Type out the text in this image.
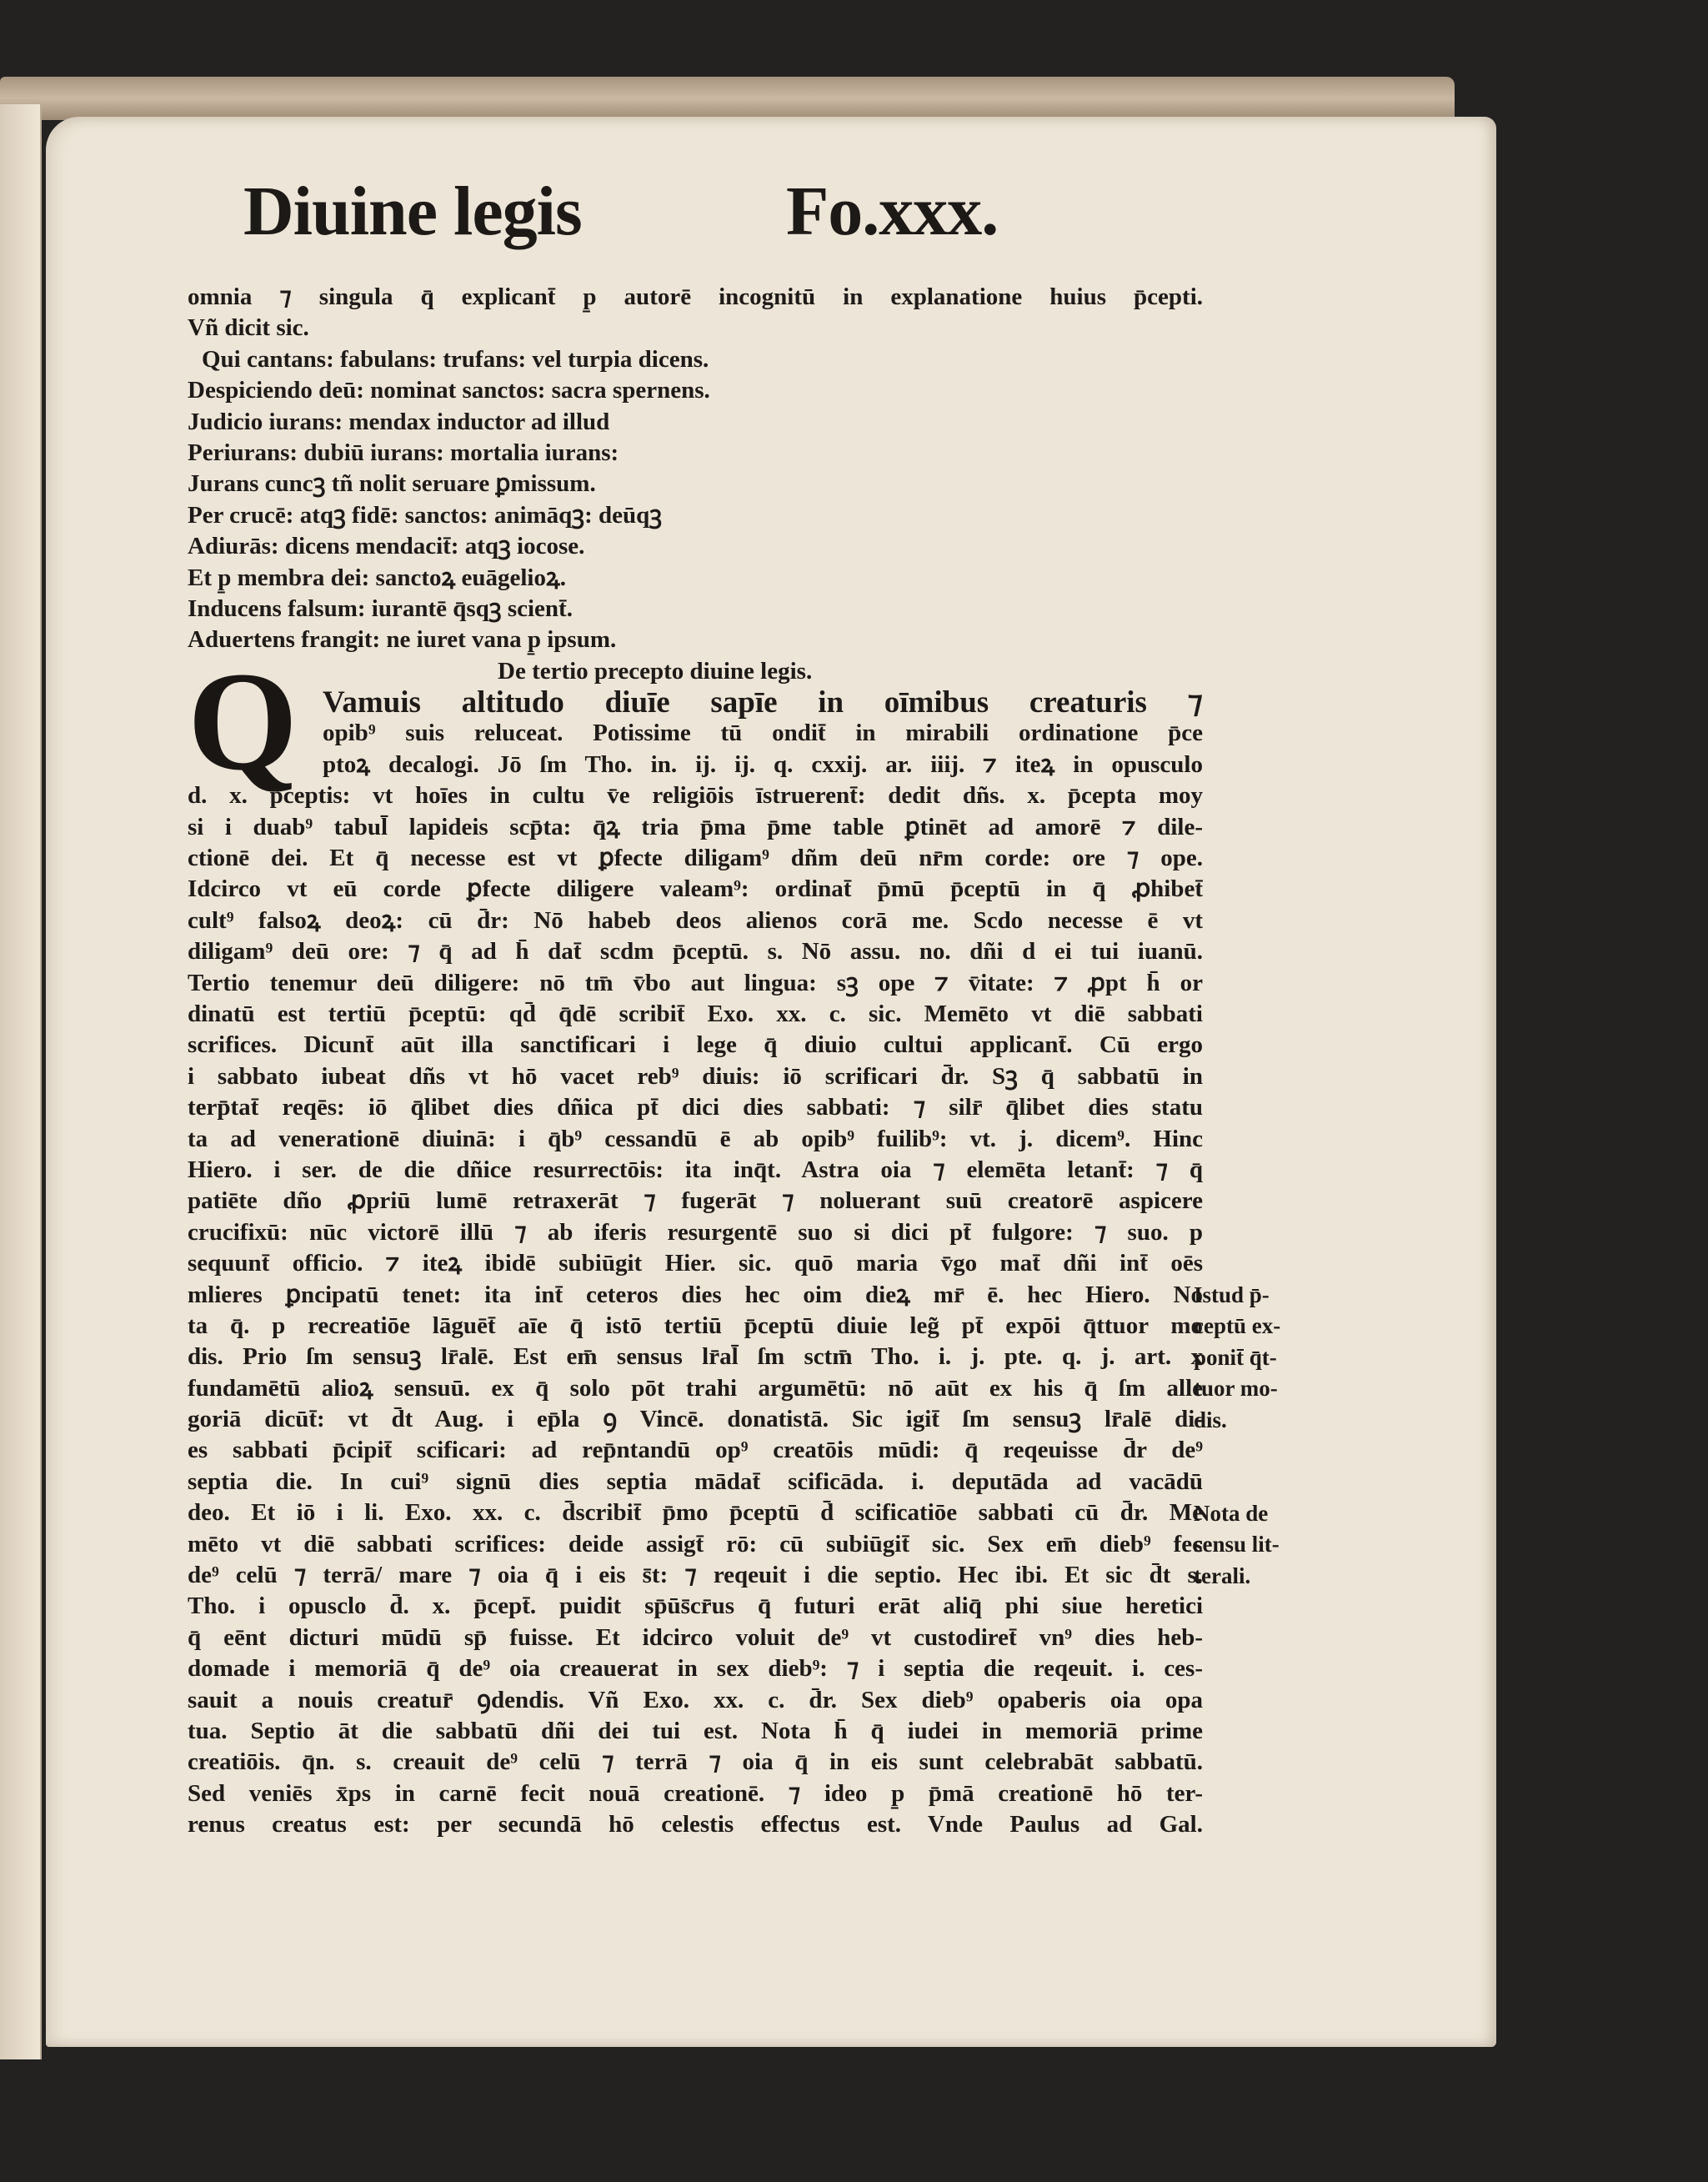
Diuine legis	Fo.xxx.
Q
omnia ⁊ singula q̄ explicant̄ p̱ autorē incognitū in explanatione huius p̄cepti.
Vñ dicit sic.
Qui cantans: fabulans: trufans: vel turpia dicens.
Despiciendo deū: nominat sanctos: sacra spernens.
Judicio iurans: mendax inductor ad illud
Periurans: dubiū iurans: mortalia iurans:
Jurans cuncꝫ tñ nolit seruare ꝑmissum.
Per crucē: atqꝫ fidē: sanctos: animāqꝫ: deūqꝫ
Adiurās: dicens mendacit̄: atqꝫ iocose.
Et p̱ membra dei: sanctoꝝ euāgelioꝝ.
Inducens falsum: iurantē q̄sqꝫ scient̄.
Aduertens frangit: ne iuret vana p̱ ipsum.
De tertio precepto diuine legis.
Vamuis altitudo diuīe sapīe in oīmibus creaturis ⁊
opib⁹ suis reluceat. Potissime tū ondit̄ in mirabili ordinatione p̄ce
ptoꝝ decalogi. Jō ſm Tho. in. ij. ij. q. cxxij. ar. iiij. ⁊ iteꝝ in opusculo
d. x. p̄ceptis: vt hoīes in cultu v̄e religiōis īstruerent̄: dedit dñs. x. p̄cepta moy
si i duab⁹ tabul̄ lapideis scp̄ta: q̄ꝝ tria p̄ma p̄me table ꝑtinēt ad amorē ⁊ dile-
ctionē dei. Et q̄ necesse est vt ꝑfecte diligam⁹ dñm deū nr̄m corde: ore ⁊ ope.
Idcirco vt eū corde ꝑfecte diligere valeam⁹: ordinat̄ p̄mū p̄ceptū in q̄ ꝓhibet̄
cult⁹ falsoꝝ deoꝝ: cū d̄r: Nō habeb deos alienos corā me. Scdo necesse ē vt
diligam⁹ deū ore: ⁊ q̄ ad h̄ dat̄ scdm p̄ceptū. s. Nō assu. no. dñi d ei tui iuanū.
Tertio tenemur deū diligere: nō tm̄ v̄bo aut lingua: sꝫ ope ⁊ v̄itate: ⁊ ꝓpt h̄ or
dinatū est tertiū p̄ceptū: qd̄ q̄dē scribit̄ Exo. xx. c. sic. Memēto vt diē sabbati
scrifices. Dicunt̄ aūt illa sanctificari i lege q̄ diuio cultui applicant̄. Cū ergo
i sabbato iubeat dñs vt hō vacet reb⁹ diuis: iō scrificari d̄r. Sꝫ q̄ sabbatū in
terp̄tat̄ reqēs: iō q̄libet dies dñica pt̄ dici dies sabbati: ⁊ silr̄ q̄libet dies statu
ta ad venerationē diuinā: i q̄b⁹ cessandū ē ab opib⁹ fuilib⁹: vt. j. dicem⁹. Hinc
Hiero. i ser. de die dñice resurrectōis: ita inq̄t. Astra oia ⁊ elemēta letant̄: ⁊ q̄
patiēte dño ꝓpriū lumē retraxerāt ⁊ fugerāt ⁊ noluerant suū creatorē aspicere
crucifixū: nūc victorē illū ⁊ ab iferis resurgentē suo si dici pt̄ fulgore: ⁊ suo. p
sequunt̄ officio. ⁊ iteꝝ ibidē subiūgit Hier. sic. quō maria v̄go mat̄ dñi int̄ oēs
mlieres ꝑncipatū tenet: ita int̄ ceteros dies hec oim dieꝝ mr̄ ē. hec Hiero. No
ta q̄. p recreatiōe lāguēt̄ aīe q̄ istō tertiū p̄ceptū diuie leg̃ pt̄ expōi q̄ttuor mo
dis. Prio ſm sensuꝫ lr̄alē. Est em̄ sensus lr̄al̄ ſm sctm̄ Tho. i. j. pte. q. j. art. x
fundamētū alioꝝ sensuū. ex q̄ solo pōt trahi argumētū: nō aūt ex his q̄ ſm alle
goriā dicūt̄: vt d̄t Aug. i ep̄la ꝯ Vincē. donatistā. Sic igit̄ ſm sensuꝫ lr̄alē di-
es sabbati p̄cipit̄ scificari: ad rep̄ntandū op⁹ creatōis mūdi: q̄ reqeuisse d̄r de⁹
septia die. In cui⁹ signū dies septia mādat̄ scificāda. i. deputāda ad vacādū
deo. Et iō i li. Exo. xx. c. d̄scribit̄ p̄mo p̄ceptū d̄ scificatiōe sabbati cū d̄r. Me
mēto vt diē sabbati scrifices: deide assigt̄ rō: cū subiūgit̄ sic. Sex em̄ dieb⁹ fec
de⁹ celū ⁊ terrā/ mare ⁊ oia q̄ i eis s̄t: ⁊ reqeuit i die septio. Hec ibi. Et sic d̄t s.
Tho. i opusclo d̄. x. p̄cept̄. puidit sp̄ūs̄cr̄us q̄ futuri erāt aliq̄ phi siue heretici
q̄ eēnt dicturi mūdū sp̄ fuisse. Et idcirco voluit de⁹ vt custodiret̄ vn⁹ dies heb-
domade i memoriā q̄ de⁹ oia creauerat in sex dieb⁹: ⁊ i septia die reqeuit. i. ces-
sauit a nouis creatur̄ ꝯdendis. Vñ Exo. xx. c. d̄r. Sex dieb⁹ opaberis oia opa
tua. Septio āt die sabbatū dñi dei tui est. Nota h̄ q̄ iudei in memoriā prime
creatiōis. q̄n. s. creauit de⁹ celū ⁊ terrā ⁊ oia q̄ in eis sunt celebrabāt sabbatū.
Sed veniēs x̄ps in carnē fecit nouā creationē. ⁊ ideo p̱ p̄mā creationē hō ter-
renus creatus est: per secundā hō celestis effectus est. Vnde Paulus ad Gal.
Istud p̄-
ceptū ex-
ponit̄ q̄t-
tuor mo-
dis.
Nota de
sensu lit-
terali.
